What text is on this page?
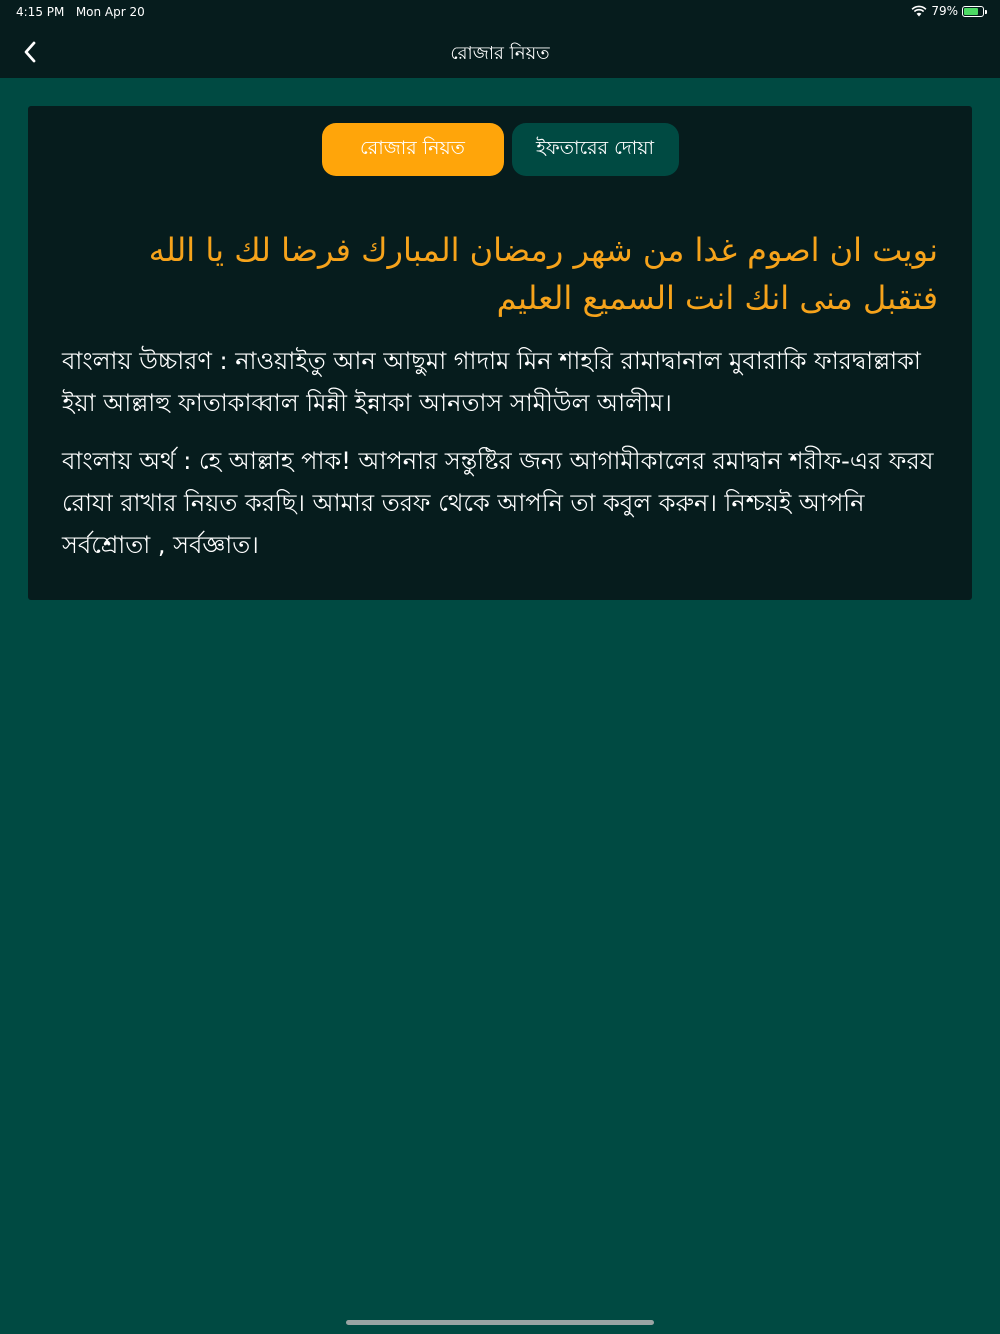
4:15 PM Mon Apr 20	79%
রোজার নিয়ত
রোজার নিয়ত	ইফতারের দোয়া
نويت ان اصوم غدا من شهر رمضان المبارك فرضا لك يا الله فتقبل منى انك انت السميع العليم
বাংলায় উচ্চারণ : নাওয়াইতু আন আছুমা গাদাম মিন শাহরি রামাদ্বানাল মুবারাকি ফারদ্বাল্লাকা ইয়া আল্লাহু ফাতাকাব্বাল মিন্নী ইন্নাকা আনতাস সামীউল আলীম।
বাংলায় অর্থ : হে আল্লাহ পাক! আপনার সন্তুষ্টির জন্য আগামীকালের রমাদ্বান শরীফ-এর ফরয রোযা রাখার নিয়ত করছি। আমার তরফ থেকে আপনি তা কবুল করুন। নিশ্চয়ই আপনি সর্বশ্রোতা , সর্বজ্ঞাত।
